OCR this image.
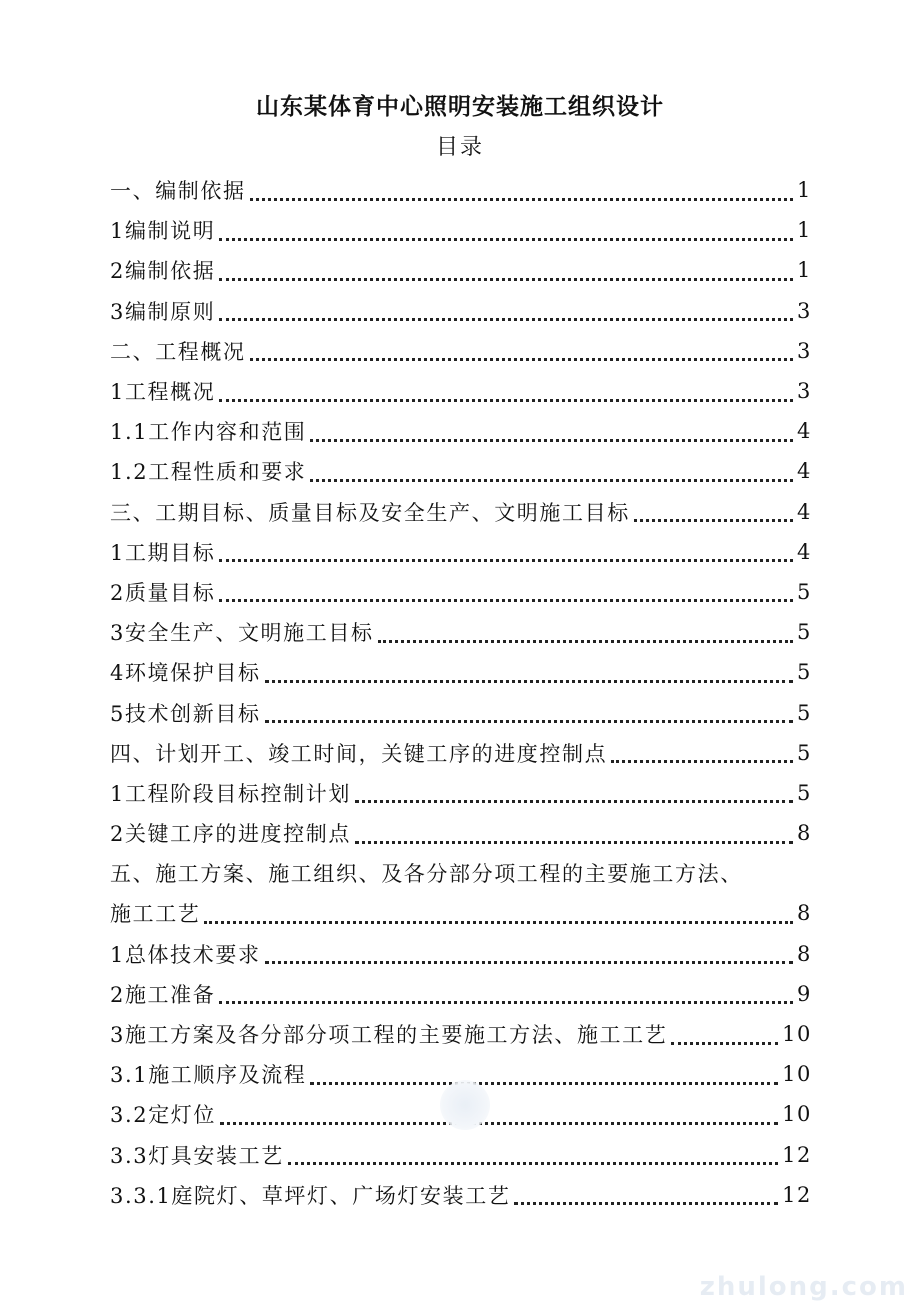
山东某体育中心照明安装施工组织设计
目录
一、编制依据	1
1编制说明	1
2编制依据	1
3编制原则	3
二、工程概况	3
1工程概况	3
1.1工作内容和范围	4
1.2工程性质和要求	4
三、工期目标、质量目标及安全生产、文明施工目标	4
1工期目标	4
2质量目标	5
3安全生产、文明施工目标	5
4环境保护目标	5
5技术创新目标	5
四、计划开工、竣工时间，关键工序的进度控制点	5
1工程阶段目标控制计划	5
2关键工序的进度控制点	8
五、施工方案、施工组织、及各分部分项工程的主要施工方法、
施工工艺	8
1总体技术要求	8
2施工准备	9
3施工方案及各分部分项工程的主要施工方法、施工工艺	10
3.1施工顺序及流程	10
3.2定灯位	10
3.3灯具安装工艺	12
3.3.1庭院灯、草坪灯、广场灯安装工艺	12
zhulong.com
